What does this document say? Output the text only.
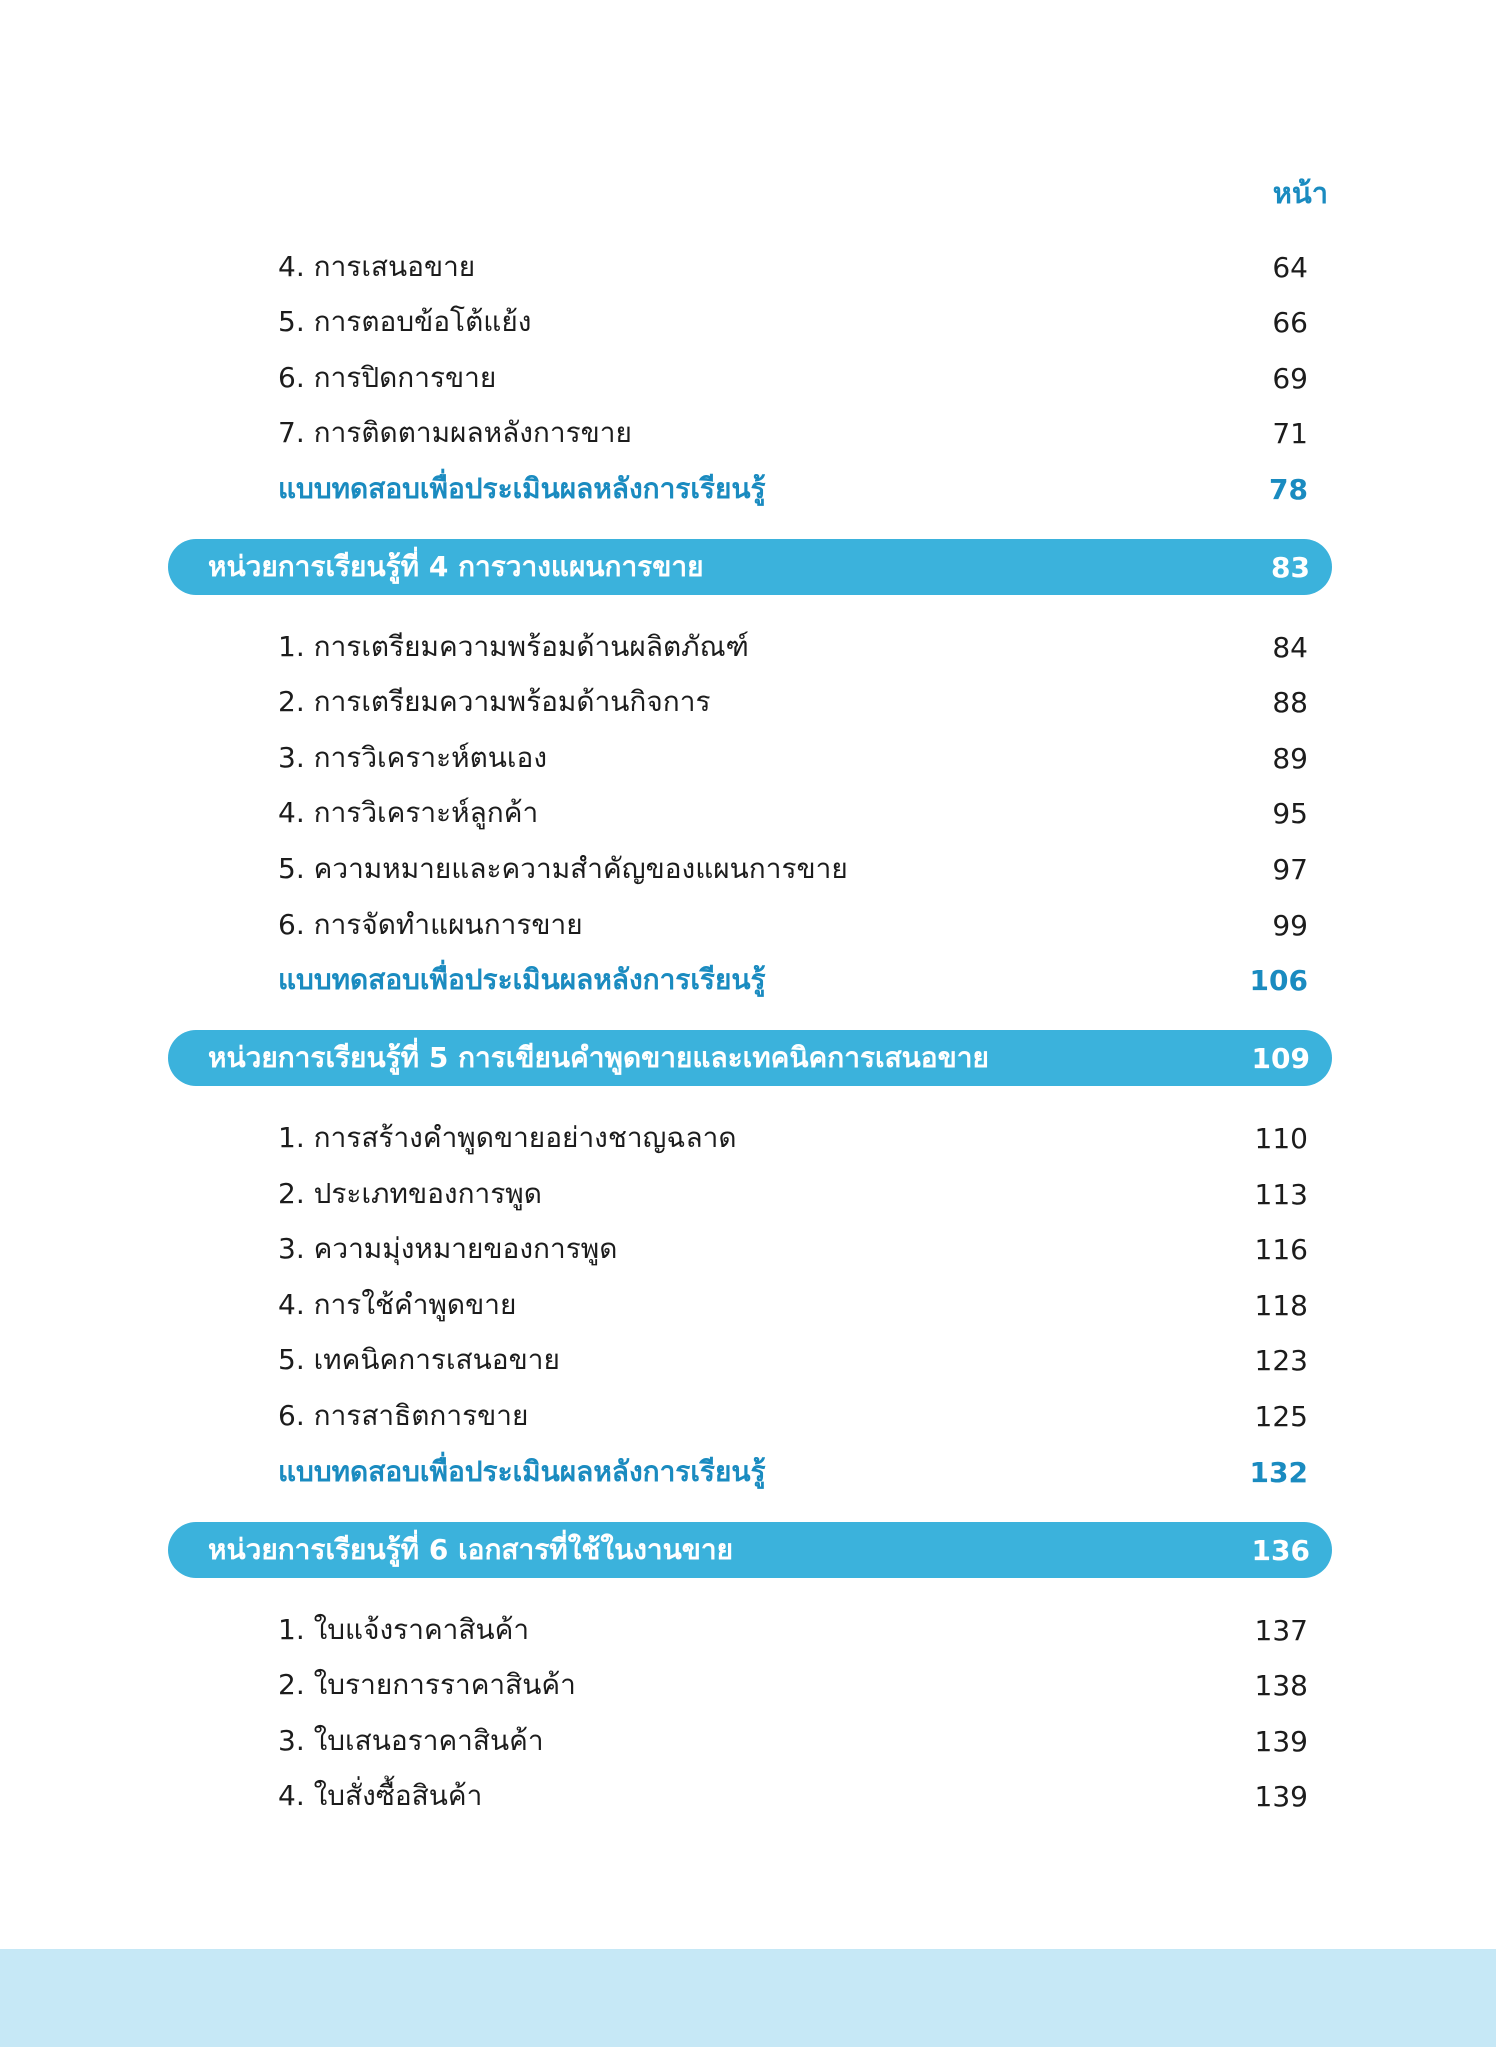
หน้า
4. การเสนอขาย	64
5. การตอบข้อโต้แย้ง	66
6. การปิดการขาย	69
7. การติดตามผลหลังการขาย	71
แบบทดสอบเพื่อประเมินผลหลังการเรียนรู้	78
หน่วยการเรียนรู้ที่ 4 การวางแผนการขาย	83
1. การเตรียมความพร้อมด้านผลิตภัณฑ์	84
2. การเตรียมความพร้อมด้านกิจการ	88
3. การวิเคราะห์ตนเอง	89
4. การวิเคราะห์ลูกค้า	95
5. ความหมายและความสำคัญของแผนการขาย	97
6. การจัดทำแผนการขาย	99
แบบทดสอบเพื่อประเมินผลหลังการเรียนรู้	106
หน่วยการเรียนรู้ที่ 5 การเขียนคำพูดขายและเทคนิคการเสนอขาย	109
1. การสร้างคำพูดขายอย่างชาญฉลาด	110
2. ประเภทของการพูด	113
3. ความมุ่งหมายของการพูด	116
4. การใช้คำพูดขาย	118
5. เทคนิคการเสนอขาย	123
6. การสาธิตการขาย	125
แบบทดสอบเพื่อประเมินผลหลังการเรียนรู้	132
หน่วยการเรียนรู้ที่ 6 เอกสารที่ใช้ในงานขาย	136
1. ใบแจ้งราคาสินค้า	137
2. ใบรายการราคาสินค้า	138
3. ใบเสนอราคาสินค้า	139
4. ใบสั่งซื้อสินค้า	139
